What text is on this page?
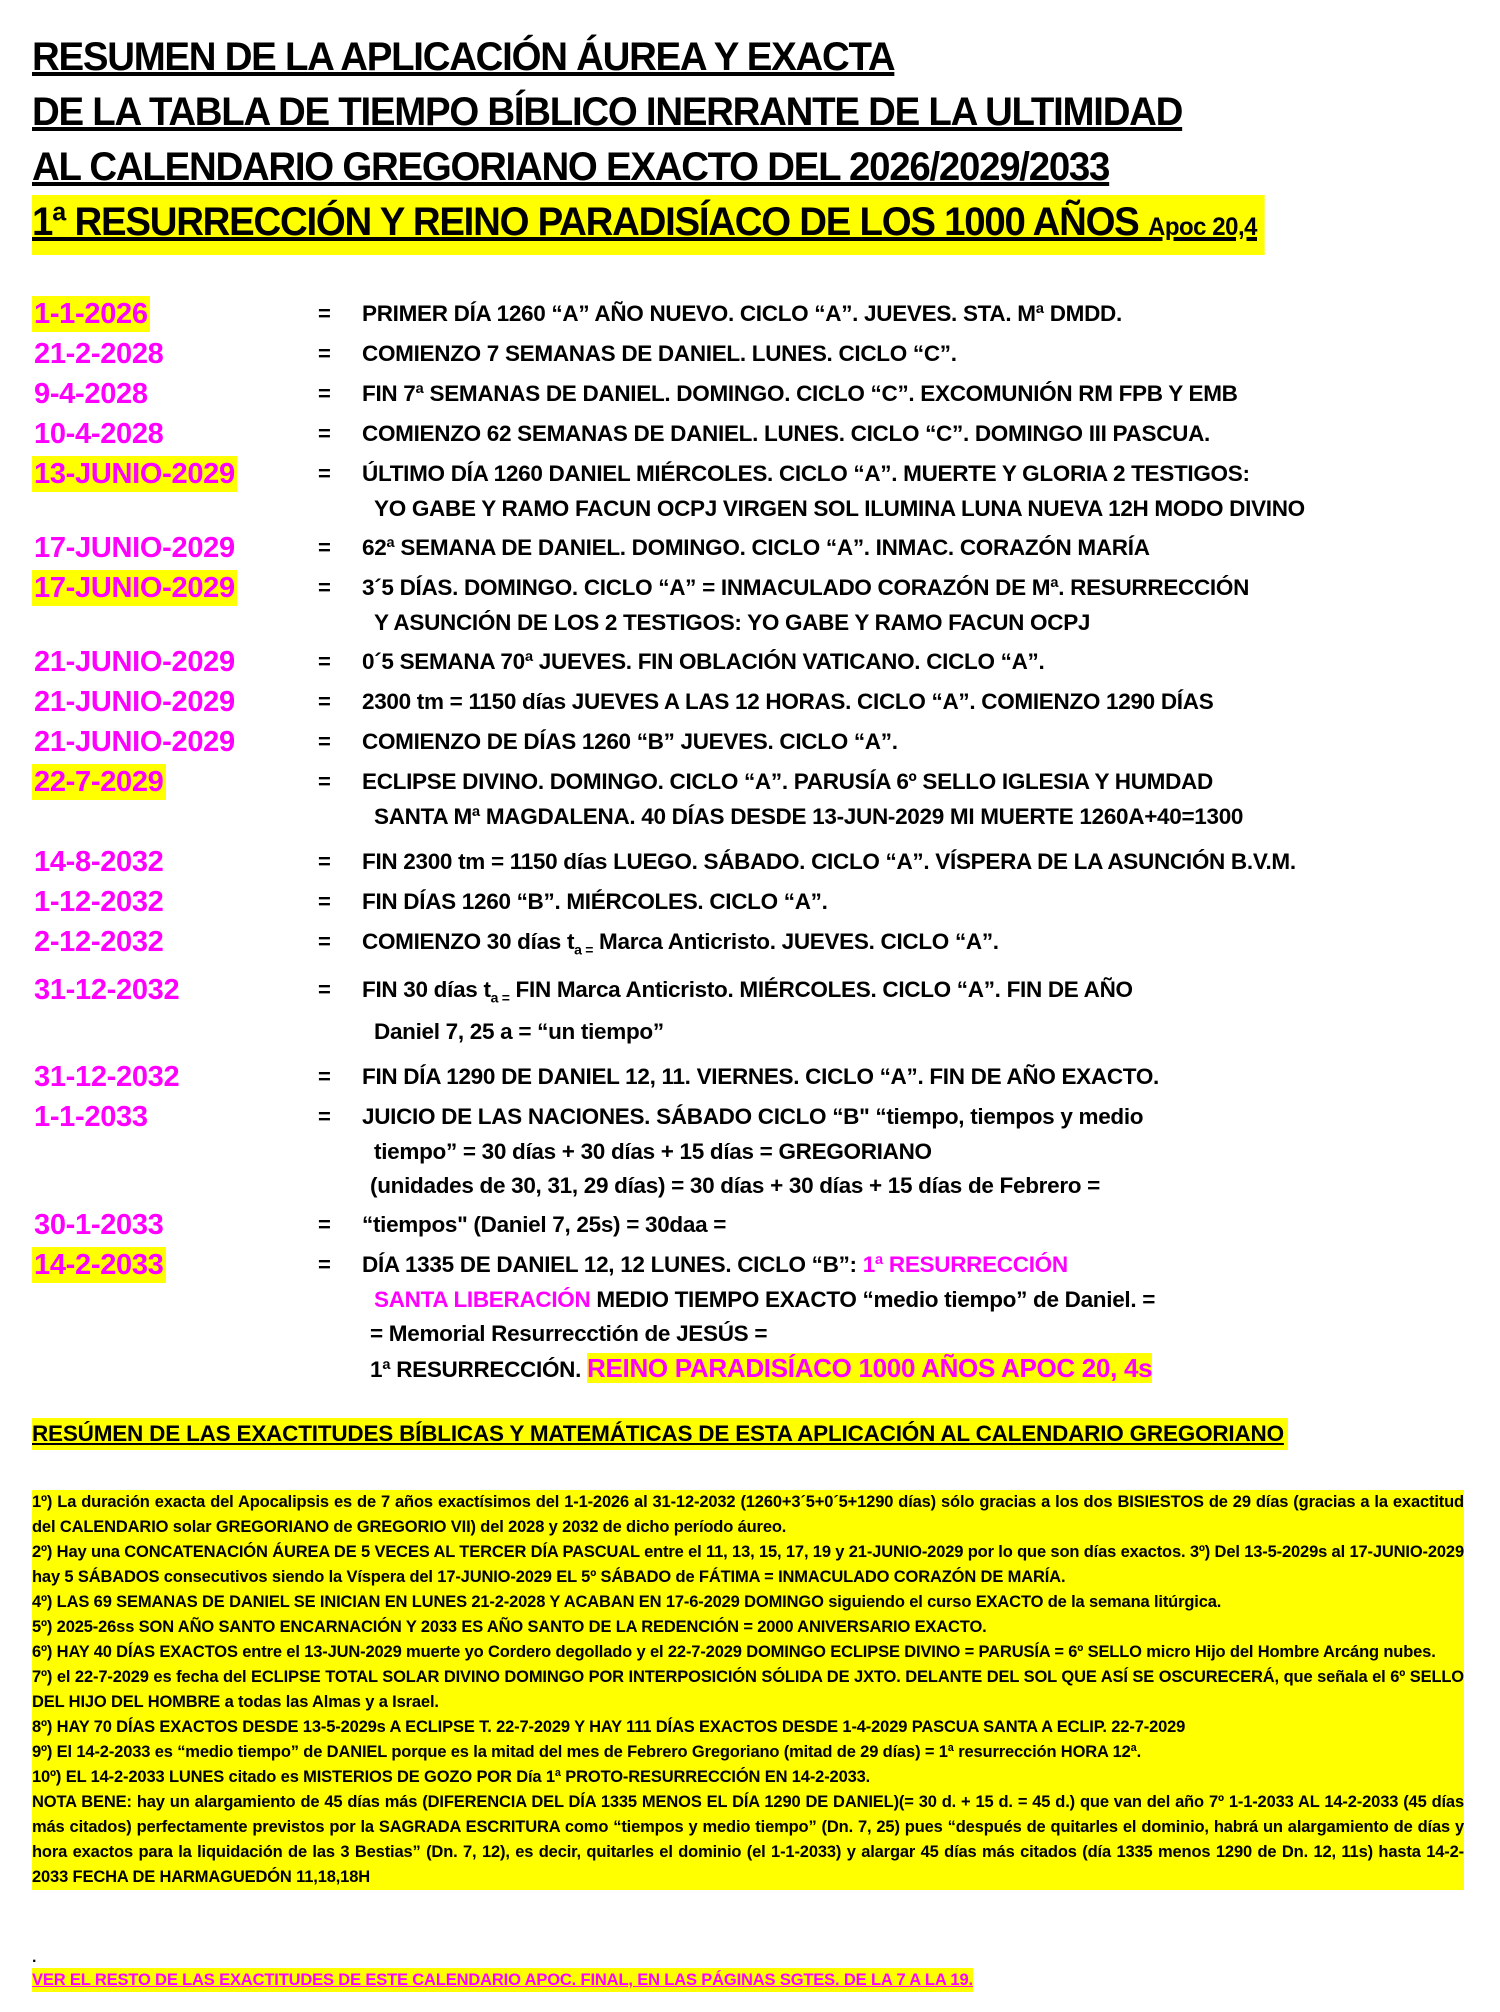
RESUMEN DE LA APLICACIÓN ÁUREA Y EXACTA
DE LA TABLA DE TIEMPO BÍBLICO INERRANTE DE LA ULTIMIDAD
AL CALENDARIO GREGORIANO EXACTO DEL 2026/2029/2033
1ª RESURRECCIÓN Y REINO PARADISÍACO DE LOS 1000 AÑOS Apoc 20,4
1-1-2026	= PRIMER DÍA 1260 “A” AÑO NUEVO. CICLO “A”. JUEVES. STA. Mª DMDD.
21-2-2028	= COMIENZO 7 SEMANAS DE DANIEL. LUNES. CICLO “C”.
9-4-2028	= FIN 7ª SEMANAS DE DANIEL. DOMINGO. CICLO “C”. EXCOMUNIÓN RM FPB Y EMB
10-4-2028	= COMIENZO 62 SEMANAS DE DANIEL. LUNES. CICLO “C”. DOMINGO III PASCUA.
13-JUNIO-2029	= ÚLTIMO DÍA 1260 DANIEL MIÉRCOLES. CICLO “A”. MUERTE Y GLORIA 2 TESTIGOS:
YO GABE Y RAMO FACUN OCPJ VIRGEN SOL ILUMINA LUNA NUEVA 12H MODO DIVINO
17-JUNIO-2029	= 62ª SEMANA DE DANIEL. DOMINGO. CICLO “A”. INMAC. CORAZÓN MARÍA
17-JUNIO-2029	= 3´5 DÍAS. DOMINGO. CICLO “A” = INMACULADO CORAZÓN DE Mª. RESURRECCIÓN
Y ASUNCIÓN DE LOS 2 TESTIGOS: YO GABE Y RAMO FACUN OCPJ
21-JUNIO-2029	= 0´5 SEMANA 70ª JUEVES. FIN OBLACIÓN VATICANO. CICLO “A”.
21-JUNIO-2029	= 2300 tm = 1150 días JUEVES A LAS 12 HORAS. CICLO “A”. COMIENZO 1290 DÍAS
21-JUNIO-2029	= COMIENZO DE DÍAS 1260 “B” JUEVES. CICLO “A”.
22-7-2029	= ECLIPSE DIVINO. DOMINGO. CICLO “A”. PARUSÍA 6º SELLO IGLESIA Y HUMDAD
SANTA Mª MAGDALENA. 40 DÍAS DESDE 13-JUN-2029 MI MUERTE 1260A+40=1300
14-8-2032	= FIN 2300 tm = 1150 días LUEGO. SÁBADO. CICLO “A”. VÍSPERA DE LA ASUNCIÓN B.V.M.
1-12-2032	= FIN DÍAS 1260 “B”. MIÉRCOLES. CICLO “A”.
2-12-2032	= COMIENZO 30 días $t_{a =}$ Marca Anticristo. JUEVES. CICLO “A”.
31-12-2032	= FIN 30 días $t_{a =}$ FIN Marca Anticristo. MIÉRCOLES. CICLO “A”. FIN DE AÑO
Daniel 7, 25 a = “un tiempo”
31-12-2032	= FIN DÍA 1290 DE DANIEL 12, 11. VIERNES. CICLO “A”. FIN DE AÑO EXACTO.
1-1-2033	= JUICIO DE LAS NACIONES. SÁBADO CICLO “B" “tiempo, tiempos y medio
tiempo” = 30 días + 30 días + 15 días = GREGORIANO
(unidades de 30, 31, 29 días) = 30 días + 30 días + 15 días de Febrero =
30-1-2033	= “tiempos" (Daniel 7, 25s) = 30daa =
14-2-2033	= DÍA 1335 DE DANIEL 12, 12 LUNES. CICLO “B”: 1ª RESURRECCIÓN
SANTA LIBERACIÓN MEDIO TIEMPO EXACTO “medio tiempo” de Daniel. =
= Memorial Resurrecctión de JESÚS =
1ª RESURRECCIÓN. REINO PARADISÍACO 1000 AÑOS APOC 20, 4s
RESÚMEN DE LAS EXACTITUDES BÍBLICAS Y MATEMÁTICAS DE ESTA APLICACIÓN AL CALENDARIO GREGORIANO

1º) La duración exacta del Apocalipsis es de 7 años exactísimos del 1-1-2026 al 31-12-2032 (1260+3´5+0´5+1290 días) sólo gracias a los dos BISIESTOS de 29 días (gracias a la exactitud del CALENDARIO solar GREGORIANO de GREGORIO VII) del 2028 y 2032 de dicho período áureo.

2º) Hay una CONCATENACIÓN ÁUREA DE 5 VECES AL TERCER DÍA PASCUAL entre el 11, 13, 15, 17, 19 y 21-JUNIO-2029 por lo que son días exactos. 3º) Del 13-5-2029s al 17-JUNIO-2029 hay 5 SÁBADOS consecutivos siendo la Víspera del 17-JUNIO-2029 EL 5º SÁBADO de FÁTIMA = INMACULADO CORAZÓN DE MARÍA.

4º) LAS 69 SEMANAS DE DANIEL SE INICIAN EN LUNES 21-2-2028 Y ACABAN EN 17-6-2029 DOMINGO siguiendo el curso EXACTO de la semana litúrgica.

5º) 2025-26ss SON AÑO SANTO ENCARNACIÓN Y 2033 ES AÑO SANTO DE LA REDENCIÓN = 2000 ANIVERSARIO EXACTO.

6º) HAY 40 DÍAS EXACTOS entre el 13-JUN-2029 muerte yo Cordero degollado y el 22-7-2029 DOMINGO ECLIPSE DIVINO = PARUSÍA = 6º SELLO micro Hijo del Hombre Arcáng nubes.

7º) el 22-7-2029 es fecha del ECLIPSE TOTAL SOLAR DIVINO DOMINGO POR INTERPOSICIÓN SÓLIDA DE JXTO. DELANTE DEL SOL QUE ASÍ SE OSCURECERÁ, que señala el 6º SELLO DEL HIJO DEL HOMBRE a todas las Almas y a Israel.

8º) HAY 70 DÍAS EXACTOS DESDE 13-5-2029s A ECLIPSE T. 22-7-2029 Y HAY 111 DÍAS EXACTOS DESDE 1-4-2029 PASCUA SANTA A ECLIP. 22-7-2029

9º) El 14-2-2033 es “medio tiempo” de DANIEL porque es la mitad del mes de Febrero Gregoriano (mitad de 29 días) = 1ª resurrección HORA 12ª.

10º) EL 14-2-2033 LUNES citado es MISTERIOS DE GOZO POR Día 1ª PROTO-RESURRECCIÓN EN 14-2-2033.

NOTA BENE: hay un alargamiento de 45 días más (DIFERENCIA DEL DÍA 1335 MENOS EL DÍA 1290 DE DANIEL)(= 30 d. + 15 d. = 45 d.) que van del año 7º 1-1-2033 AL 14-2-2033 (45 días más citados) perfectamente previstos por la SAGRADA ESCRITURA como “tiempos y medio tiempo” (Dn. 7, 25) pues “después de quitarles el dominio, habrá un alargamiento de días y hora exactos para la liquidación de las 3 Bestias” (Dn. 7, 12), es decir, quitarles el dominio (el 1-1-2033) y alargar 45 días más citados (día 1335 menos 1290 de Dn. 12, 11s) hasta 14-2-2033 FECHA DE HARMAGUEDÓN 11,18,18H

.
VER EL RESTO DE LAS EXACTITUDES DE ESTE CALENDARIO APOC. FINAL, EN LAS PÁGINAS SGTES. DE LA 7 A LA 19.
